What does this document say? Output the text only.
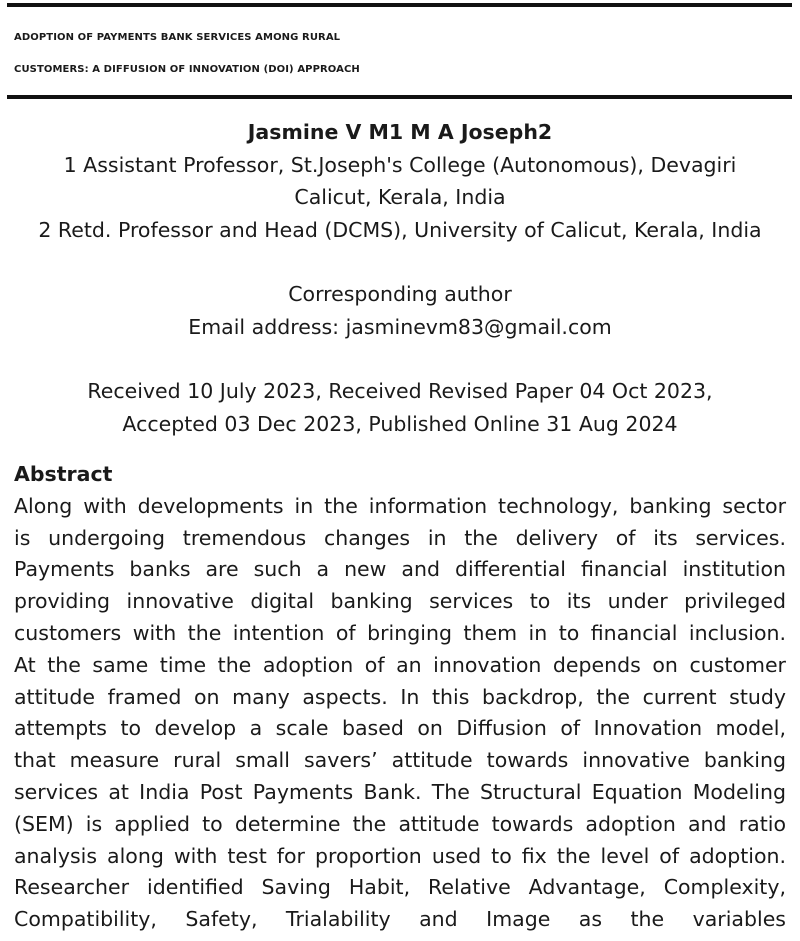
ADOPTION OF PAYMENTS BANK SERVICES AMONG RURAL
CUSTOMERS: A DIFFUSION OF INNOVATION (DOI) APPROACH
Jasmine V M1 M A Joseph2
1 Assistant Professor, St.Joseph's College (Autonomous), Devagiri
Calicut, Kerala, India
2 Retd. Professor and Head (DCMS), University of Calicut, Kerala, India
Corresponding author
Email address: jasminevm83@gmail.com
Received 10 July 2023, Received Revised Paper 04 Oct 2023,
Accepted 03 Dec 2023, Published Online 31 Aug 2024
Abstract
Along with developments in the information technology, banking sector
is undergoing tremendous changes in the delivery of its services.
Payments banks are such a new and differential financial institution
providing innovative digital banking services to its under privileged
customers with the intention of bringing them in to financial inclusion.
At the same time the adoption of an innovation depends on customer
attitude framed on many aspects. In this backdrop, the current study
attempts to develop a scale based on Diffusion of Innovation model,
that measure rural small savers’ attitude towards innovative banking
services at India Post Payments Bank. The Structural Equation Modeling
(SEM) is applied to determine the attitude towards adoption and ratio
analysis along with test for proportion used to fix the level of adoption.
Researcher identified Saving Habit, Relative Advantage, Complexity,
Compatibility, Safety, Trialability and Image as the variables
